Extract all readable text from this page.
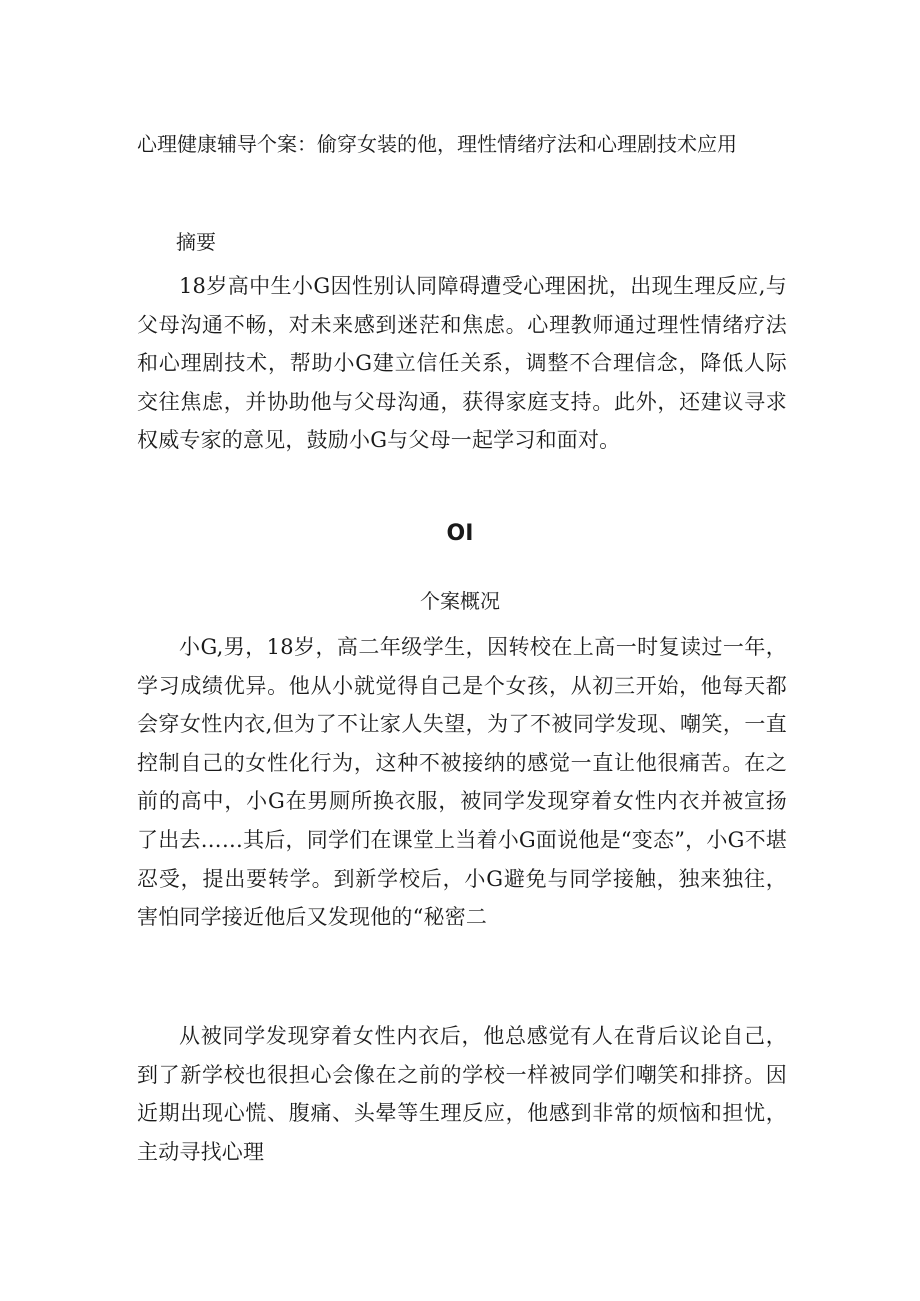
心理健康辅导个案：偷穿女装的他，理性情绪疗法和心理剧技术应用
摘要

18岁高中生小G因性别认同障碍遭受心理困扰，出现生理反应,与父母沟通不畅，对未来感到迷茫和焦虑。心理教师通过理性情绪疗法和心理剧技术，帮助小G建立信任关系，调整不合理信念，降低人际交往焦虑，并协助他与父母沟通，获得家庭支持。此外，还建议寻求权威专家的意见，鼓励小G与父母一起学习和面对。

OI
个案概况

小G,男，18岁，高二年级学生，因转校在上高一时复读过一年，学习成绩优异。他从小就觉得自己是个女孩，从初三开始，他每天都会穿女性内衣,但为了不让家人失望，为了不被同学发现、嘲笑，一直控制自己的女性化行为，这种不被接纳的感觉一直让他很痛苦。在之前的高中，小G在男厕所换衣服，被同学发现穿着女性内衣并被宣扬了出去……其后，同学们在课堂上当着小G面说他是“变态”，小G不堪忍受，提出要转学。到新学校后，小G避免与同学接触，独来独往，害怕同学接近他后又发现他的“秘密二

从被同学发现穿着女性内衣后，他总感觉有人在背后议论自己，到了新学校也很担心会像在之前的学校一样被同学们嘲笑和排挤。因近期出现心慌、腹痛、头晕等生理反应，他感到非常的烦恼和担忧，主动寻找心理
